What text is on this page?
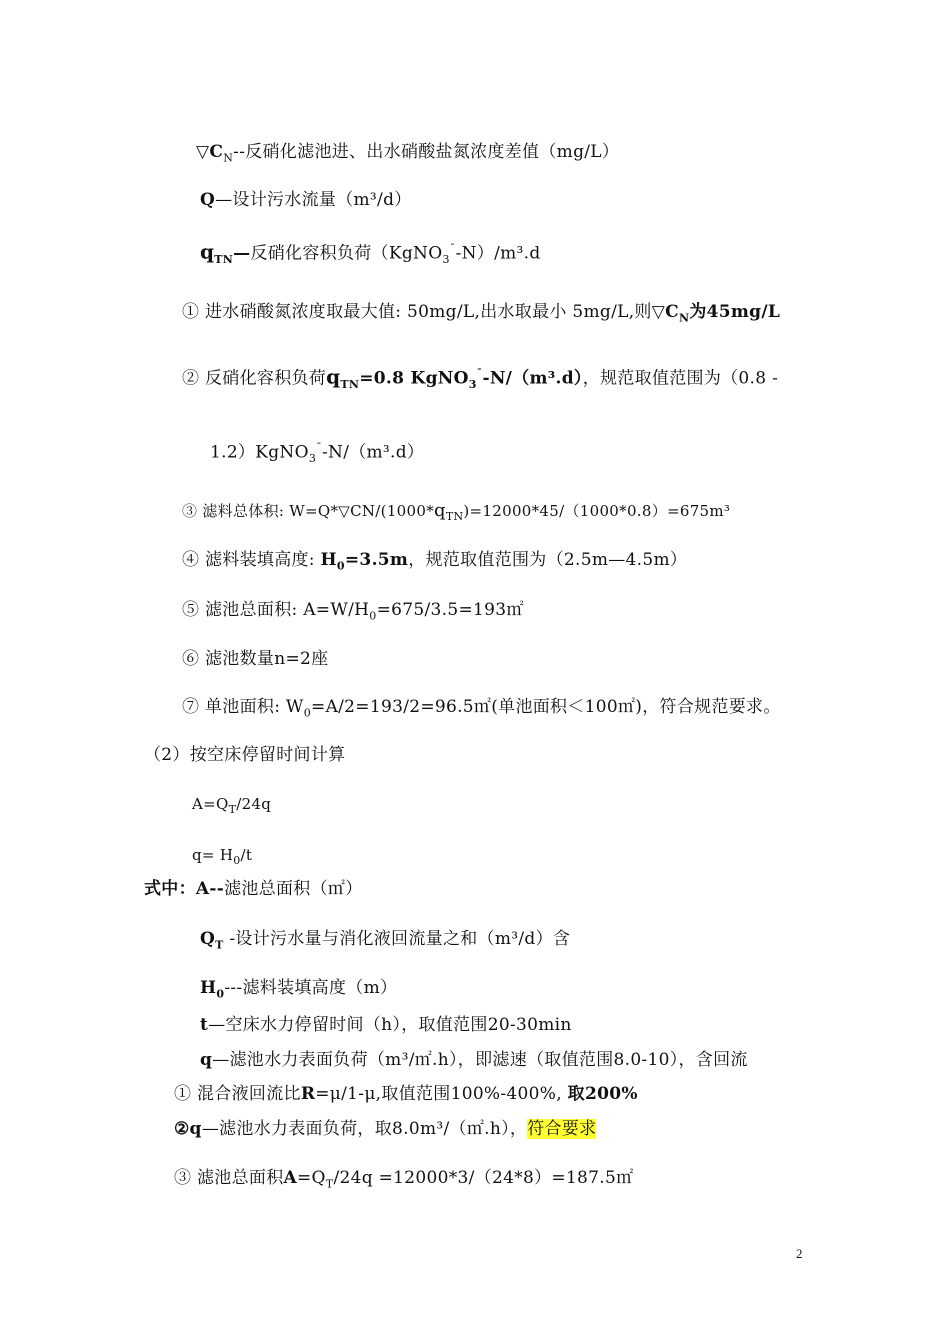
$▽C_N--$反硝化滤池进、出水硝酸盐氮浓度差值（mg/L）
Q—设计污水流量（m³/d）
$q_{TN}—$反硝化容积负荷（KgNO$_3$¯-N）/m³.d
① 进水硝酸氮浓度取最大值: 50mg/L,出水取最小 5mg/L,则$▽C_N$为45mg/L
② 反硝化容积负荷$q_{TN}=0.8$ KgNO$_3$¯-N/（m³.d），规范取值范围为（0.8 -
1.2）KgNO$_3$¯-N/（m³.d）
③ 滤料总体积: $W=Q*▽CN/(1000*q_{TN})=12000*45/(1000*0.8)=675m^3$
④ 滤料装填高度: $H_0=3.5m$，规范取值范围为（2.5m—4.5m）
⑤ 滤池总面积: $A=W/H_0=675/3.5=193㎡$
⑥ 滤池数量n=2座
⑦ 单池面积: $W_0=A/2=193/2=96.5㎡$(单池面积＜100㎡)，符合规范要求。
（2）按空床停留时间计算
$A=Q_T/24q$
$q= H_0/t$
式中：A--滤池总面积（㎡）
$Q_T$ -设计污水量与消化液回流量之和（m³/d）含
$H_0---$滤料装填高度（m）
t—空床水力停留时间（h），取值范围20-30min
q—滤池水力表面负荷（m³/㎡.h），即滤速（取值范围8.0-10），含回流
① 混合液回流比R=μ/1-μ,取值范围100%-400%, 取200%
②q—滤池水力表面负荷，取8.0m³/（㎡.h），符合要求
③ 滤池总面积$A=Q_T/24q$ =12000*3/（24*8）=187.5㎡
2
